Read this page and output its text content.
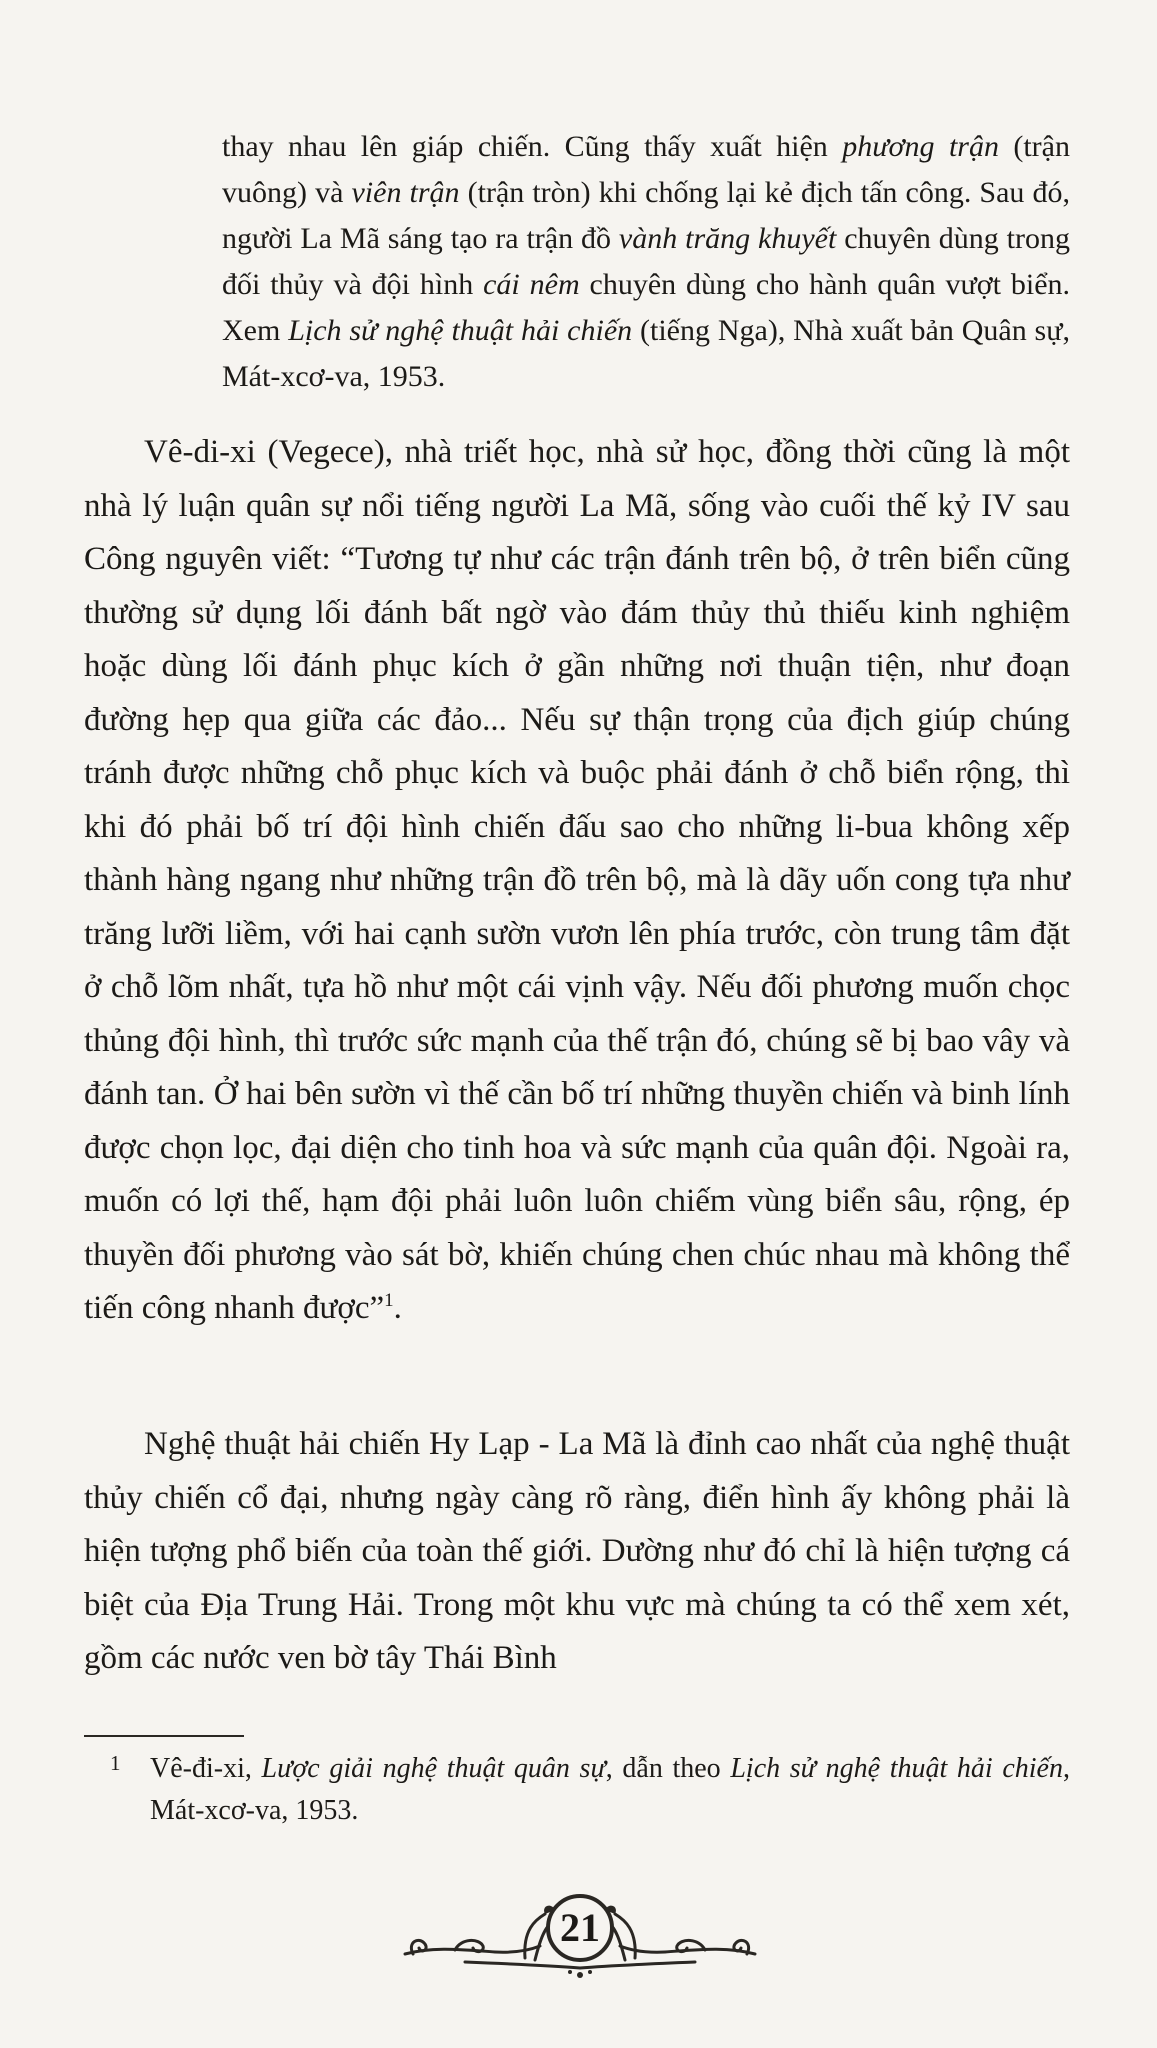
thay nhau lên giáp chiến. Cũng thấy xuất hiện phương trận (trận vuông) và viên trận (trận tròn) khi chống lại kẻ địch tấn công. Sau đó, người La Mã sáng tạo ra trận đồ vành trăng khuyết chuyên dùng trong đối thủy và đội hình cái nêm chuyên dùng cho hành quân vượt biển. Xem Lịch sử nghệ thuật hải chiến (tiếng Nga), Nhà xuất bản Quân sự, Mát-xcơ-va, 1953.

Vê-di-xi (Vegece), nhà triết học, nhà sử học, đồng thời cũng là một nhà lý luận quân sự nổi tiếng người La Mã, sống vào cuối thế kỷ IV sau Công nguyên viết: “Tương tự như các trận đánh trên bộ, ở trên biển cũng thường sử dụng lối đánh bất ngờ vào đám thủy thủ thiếu kinh nghiệm hoặc dùng lối đánh phục kích ở gần những nơi thuận tiện, như đoạn đường hẹp qua giữa các đảo... Nếu sự thận trọng của địch giúp chúng tránh được những chỗ phục kích và buộc phải đánh ở chỗ biển rộng, thì khi đó phải bố trí đội hình chiến đấu sao cho những li-bua không xếp thành hàng ngang như những trận đồ trên bộ, mà là dãy uốn cong tựa như trăng lưỡi liềm, với hai cạnh sườn vươn lên phía trước, còn trung tâm đặt ở chỗ lõm nhất, tựa hồ như một cái vịnh vậy. Nếu đối phương muốn chọc thủng đội hình, thì trước sức mạnh của thế trận đó, chúng sẽ bị bao vây và đánh tan. Ở hai bên sườn vì thế cần bố trí những thuyền chiến và binh lính được chọn lọc, đại diện cho tinh hoa và sức mạnh của quân đội. Ngoài ra, muốn có lợi thế, hạm đội phải luôn luôn chiếm vùng biển sâu, rộng, ép thuyền đối phương vào sát bờ, khiến chúng chen chúc nhau mà không thể tiến công nhanh được”$^1$.

Nghệ thuật hải chiến Hy Lạp - La Mã là đỉnh cao nhất của nghệ thuật thủy chiến cổ đại, nhưng ngày càng rõ ràng, điển hình ấy không phải là hiện tượng phổ biến của toàn thế giới. Dường như đó chỉ là hiện tượng cá biệt của Địa Trung Hải. Trong một khu vực mà chúng ta có thể xem xét, gồm các nước ven bờ tây Thái Bình

1 Vê-đi-xi, Lược giải nghệ thuật quân sự, dẫn theo Lịch sử nghệ thuật hải chiến, Mát-xcơ-va, 1953.
21
